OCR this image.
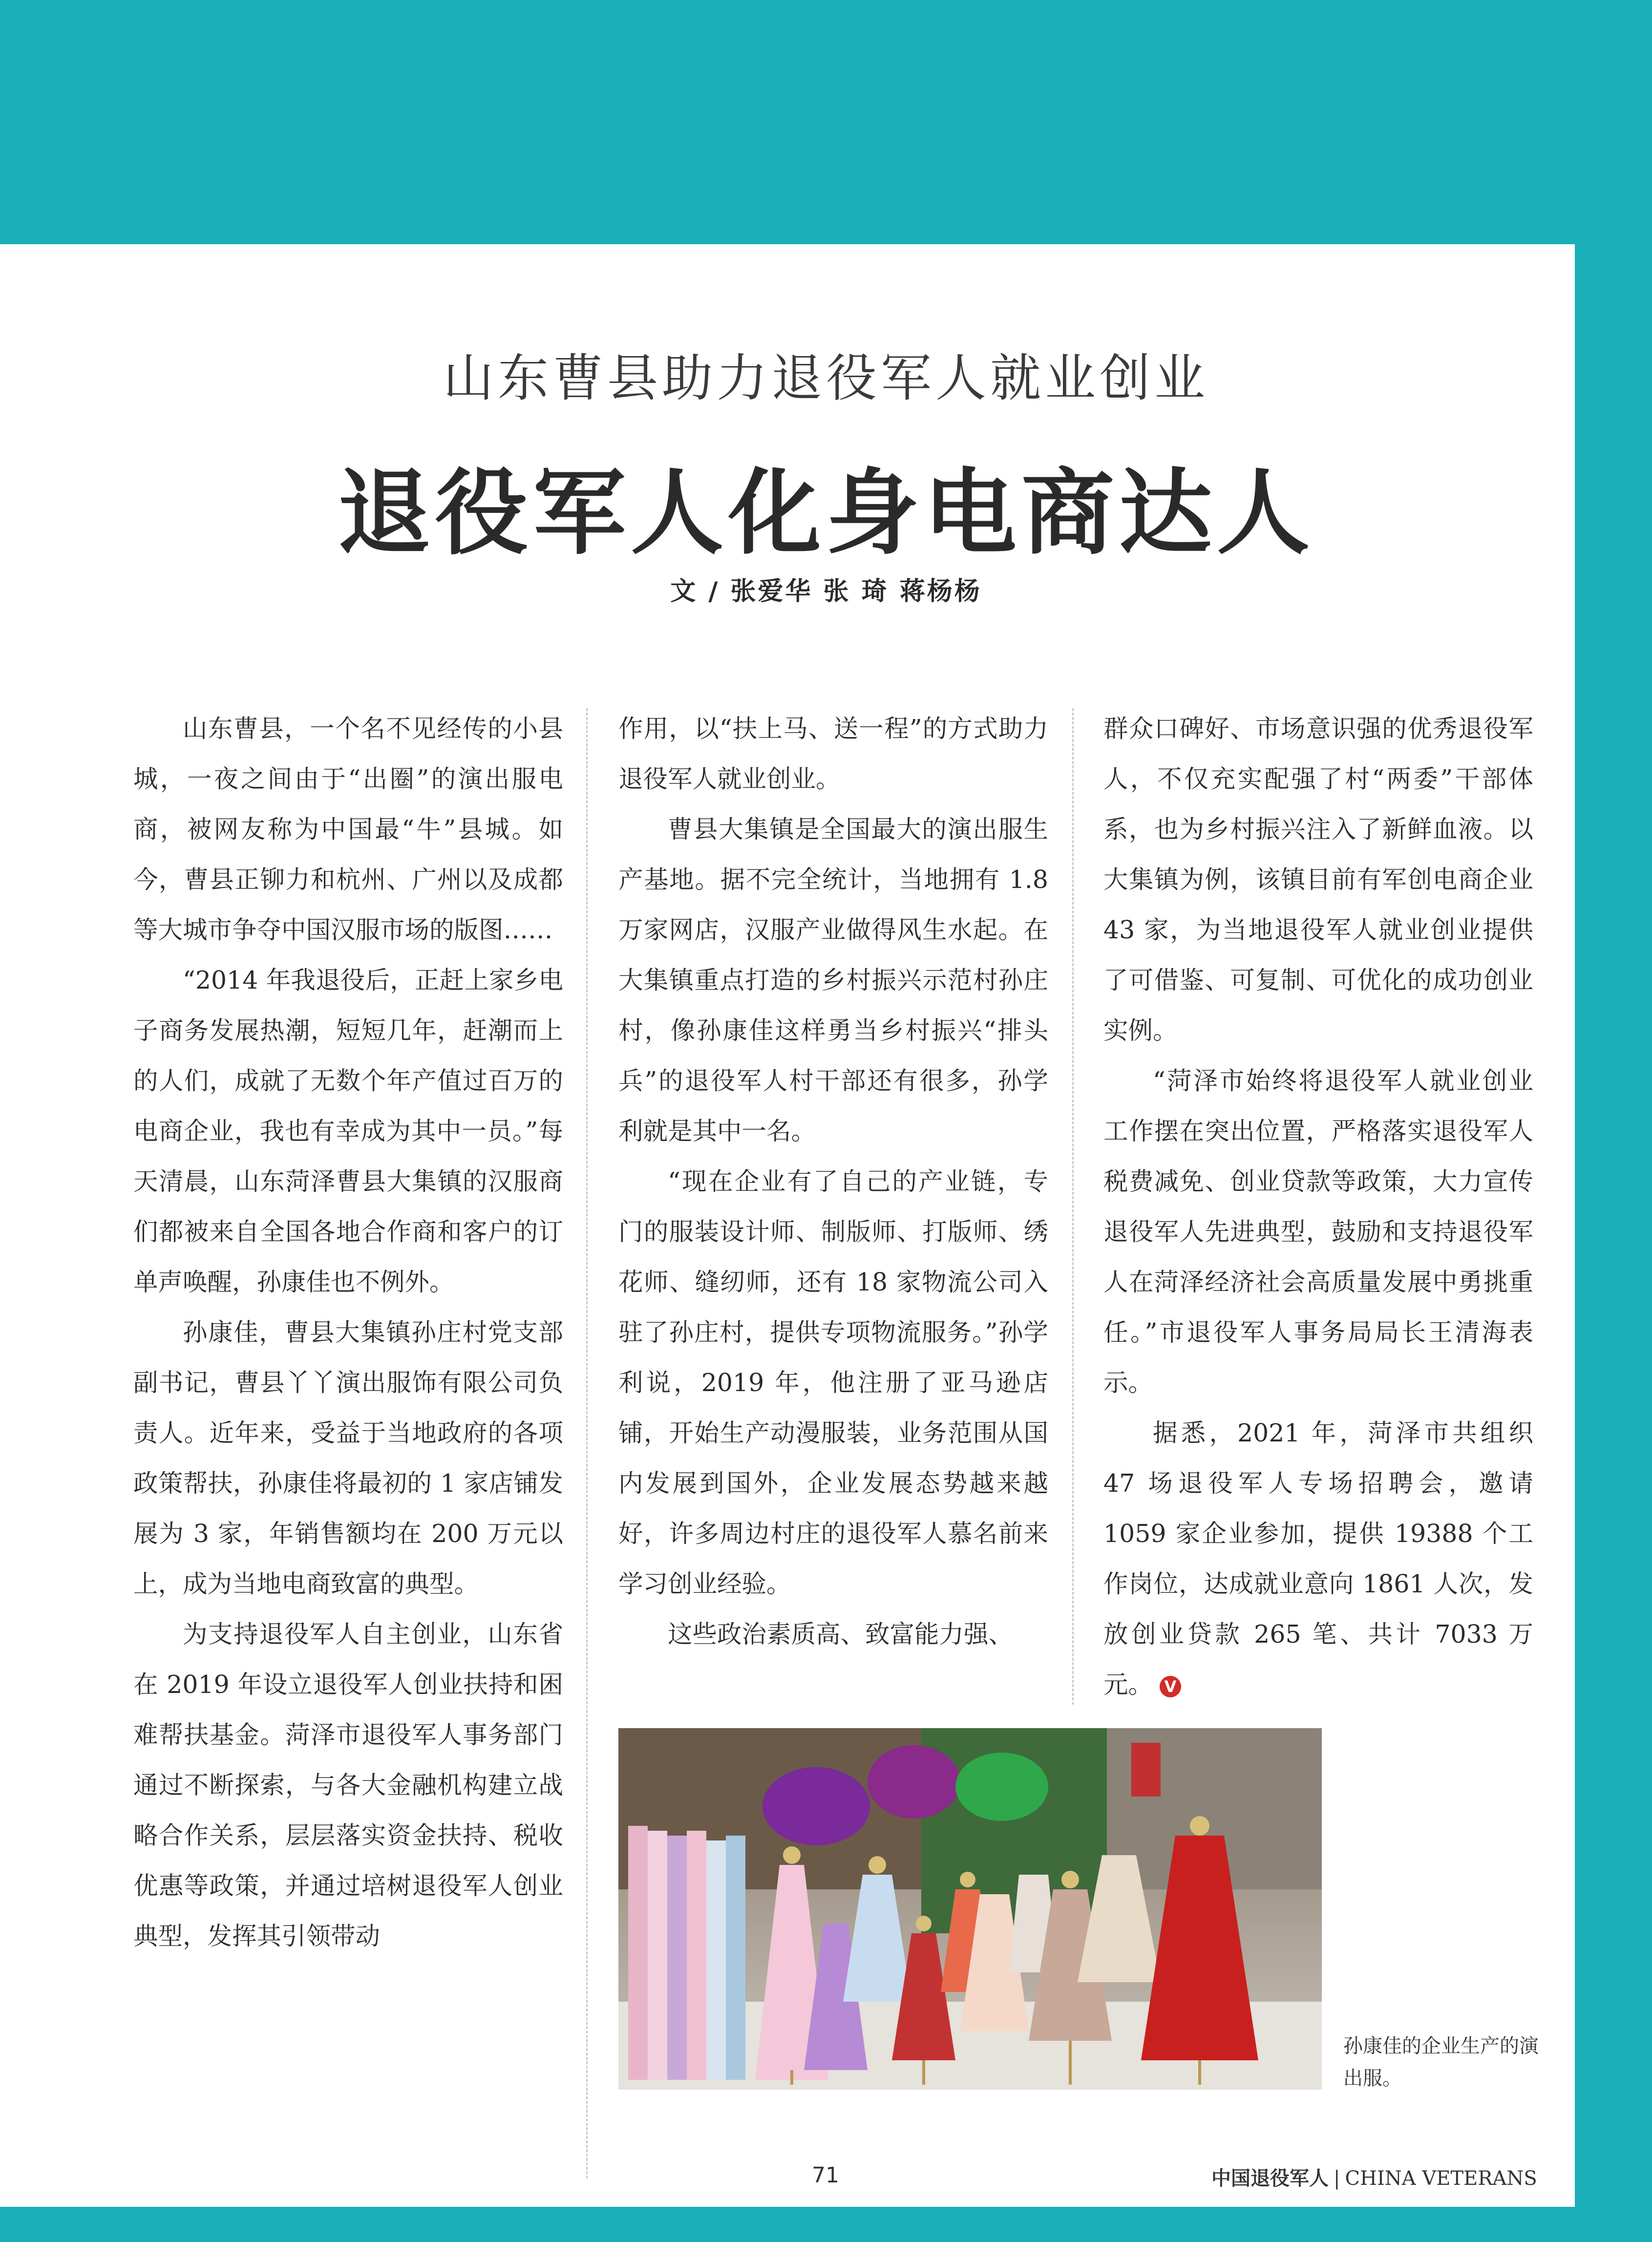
山东曹县助力退役军人就业创业
退役军人化身电商达人
文 / 张爱华 张 琦 蒋杨杨

山东曹县，一个名不见经传的小县城，一夜之间由于“出圈”的演出服电商，被网友称为中国最“牛”县城。如今，曹县正铆力和杭州、广州以及成都等大城市争夺中国汉服市场的版图……

“2014 年我退役后，正赶上家乡电子商务发展热潮，短短几年，赶潮而上的人们，成就了无数个年产值过百万的电商企业，我也有幸成为其中一员。”每天清晨，山东菏泽曹县大集镇的汉服商们都被来自全国各地合作商和客户的订单声唤醒，孙康佳也不例外。

孙康佳，曹县大集镇孙庄村党支部副书记，曹县丫丫演出服饰有限公司负责人。近年来，受益于当地政府的各项政策帮扶，孙康佳将最初的 1 家店铺发展为 3 家，年销售额均在 200 万元以上，成为当地电商致富的典型。

为支持退役军人自主创业，山东省在 2019 年设立退役军人创业扶持和困难帮扶基金。菏泽市退役军人事务部门通过不断探索，与各大金融机构建立战略合作关系，层层落实资金扶持、税收优惠等政策，并通过培树退役军人创业典型，发挥其引领带动

作用，以“扶上马、送一程”的方式助力退役军人就业创业。

曹县大集镇是全国最大的演出服生产基地。据不完全统计，当地拥有 1.8 万家网店，汉服产业做得风生水起。在大集镇重点打造的乡村振兴示范村孙庄村，像孙康佳这样勇当乡村振兴“排头兵”的退役军人村干部还有很多，孙学利就是其中一名。

“现在企业有了自己的产业链，专门的服装设计师、制版师、打版师、绣花师、缝纫师，还有 18 家物流公司入驻了孙庄村，提供专项物流服务。”孙学利说，2019 年，他注册了亚马逊店铺，开始生产动漫服装，业务范围从国内发展到国外，企业发展态势越来越好，许多周边村庄的退役军人慕名前来学习创业经验。

这些政治素质高、致富能力强、

群众口碑好、市场意识强的优秀退役军人，不仅充实配强了村“两委”干部体系，也为乡村振兴注入了新鲜血液。以大集镇为例，该镇目前有军创电商企业 43 家，为当地退役军人就业创业提供了可借鉴、可复制、可优化的成功创业实例。

“菏泽市始终将退役军人就业创业工作摆在突出位置，严格落实退役军人税费减免、创业贷款等政策，大力宣传退役军人先进典型，鼓励和支持退役军人在菏泽经济社会高质量发展中勇挑重任。”市退役军人事务局局长王清海表示。

据悉，2021 年，菏泽市共组织 47 场退役军人专场招聘会，邀请 1059 家企业参加，提供 19388 个工作岗位，达成就业意向 1861 人次，发放创业贷款 265 笔、共计 7033 万元。 V

孙康佳的企业生产的演出服。
71	中国退役军人 | CHINA VETERANS
